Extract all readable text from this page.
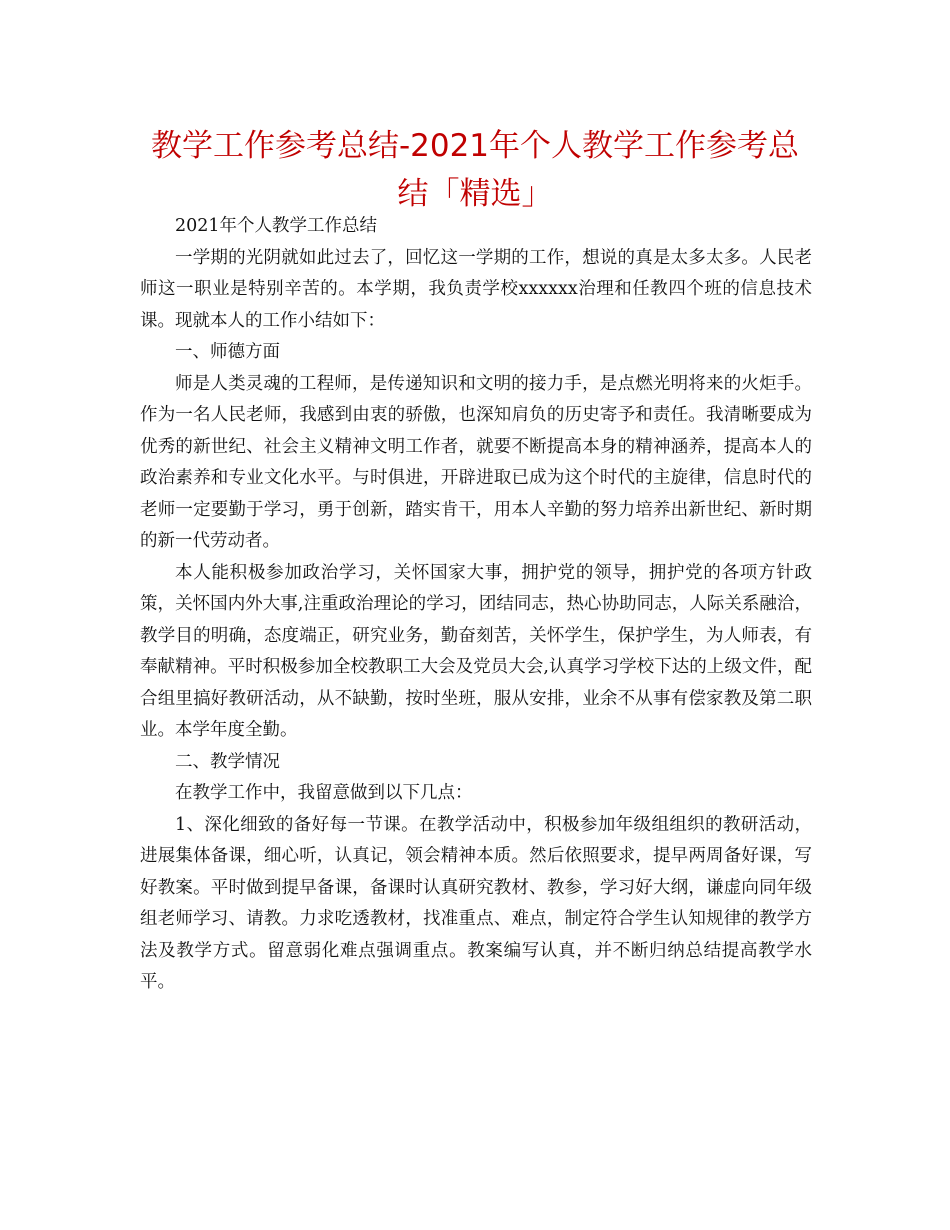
教学工作参考总结-2021年个人教学工作参考总结「精选」

2021年个人教学工作总结

一学期的光阴就如此过去了，回忆这一学期的工作，想说的真是太多太多。人民老师这一职业是特别辛苦的。本学期，我负责学校xxxxxx治理和任教四个班的信息技术课。现就本人的工作小结如下：

一、师德方面

师是人类灵魂的工程师，是传递知识和文明的接力手，是点燃光明将来的火炬手。作为一名人民老师，我感到由衷的骄傲，也深知肩负的历史寄予和责任。我清晰要成为优秀的新世纪、社会主义精神文明工作者，就要不断提高本身的精神涵养，提高本人的政治素养和专业文化水平。与时俱进，开辟进取已成为这个时代的主旋律，信息时代的老师一定要勤于学习，勇于创新，踏实肯干，用本人辛勤的努力培养出新世纪、新时期的新一代劳动者。

本人能积极参加政治学习，关怀国家大事，拥护党的领导，拥护党的各项方针政策，关怀国内外大事,注重政治理论的学习，团结同志，热心协助同志，人际关系融洽，教学目的明确，态度端正，研究业务，勤奋刻苦，关怀学生，保护学生，为人师表，有奉献精神。平时积极参加全校教职工大会及党员大会,认真学习学校下达的上级文件，配合组里搞好教研活动，从不缺勤，按时坐班，服从安排，业余不从事有偿家教及第二职业。本学年度全勤。

二、教学情况

在教学工作中，我留意做到以下几点：

1、深化细致的备好每一节课。在教学活动中，积极参加年级组组织的教研活动，进展集体备课，细心听，认真记，领会精神本质。然后依照要求，提早两周备好课，写好教案。平时做到提早备课，备课时认真研究教材、教参，学习好大纲，谦虚向同年级组老师学习、请教。力求吃透教材，找准重点、难点，制定符合学生认知规律的教学方法及教学方式。留意弱化难点强调重点。教案编写认真，并不断归纳总结提高教学水平。
